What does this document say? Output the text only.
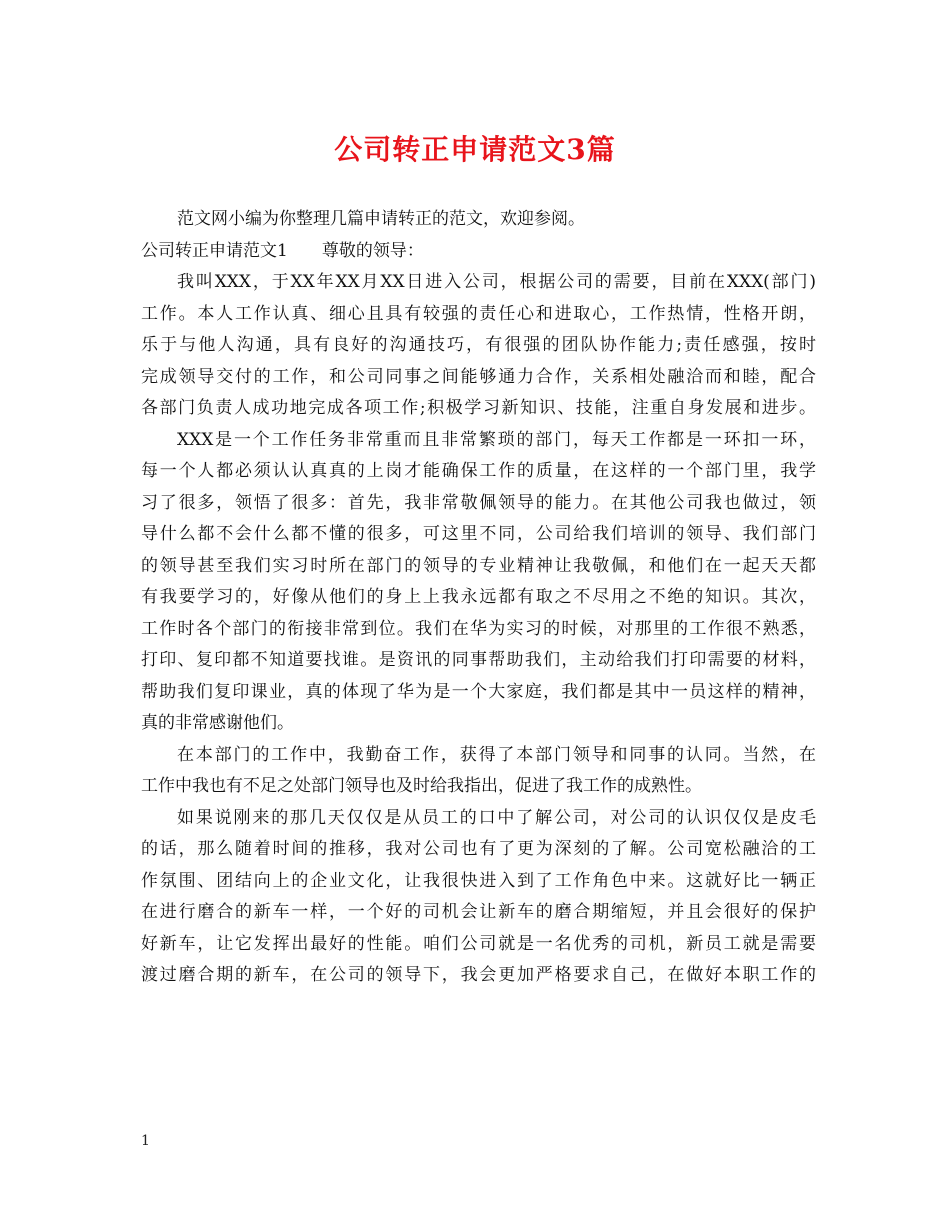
公司转正申请范文3篇
范文网小编为你整理几篇申请转正的范文，欢迎参阅。
公司转正申请范文1 尊敬的领导：
我叫XXX，于XX年XX月XX日进入公司，根据公司的需要，目前在XXX(部门)
工作。本人工作认真、细心且具有较强的责任心和进取心，工作热情，性格开朗，
乐于与他人沟通，具有良好的沟通技巧，有很强的团队协作能力;责任感强，按时
完成领导交付的工作，和公司同事之间能够通力合作，关系相处融洽而和睦，配合
各部门负责人成功地完成各项工作;积极学习新知识、技能，注重自身发展和进步。
XXX是一个工作任务非常重而且非常繁琐的部门，每天工作都是一环扣一环，
每一个人都必须认认真真的上岗才能确保工作的质量，在这样的一个部门里，我学
习了很多，领悟了很多：首先，我非常敬佩领导的能力。在其他公司我也做过，领
导什么都不会什么都不懂的很多，可这里不同，公司给我们培训的领导、我们部门
的领导甚至我们实习时所在部门的领导的专业精神让我敬佩，和他们在一起天天都
有我要学习的，好像从他们的身上上我永远都有取之不尽用之不绝的知识。其次，
工作时各个部门的衔接非常到位。我们在华为实习的时候，对那里的工作很不熟悉，
打印、复印都不知道要找谁。是资讯的同事帮助我们，主动给我们打印需要的材料，
帮助我们复印课业，真的体现了华为是一个大家庭，我们都是其中一员这样的精神，
真的非常感谢他们。
在本部门的工作中，我勤奋工作，获得了本部门领导和同事的认同。当然，在
工作中我也有不足之处部门领导也及时给我指出，促进了我工作的成熟性。
如果说刚来的那几天仅仅是从员工的口中了解公司，对公司的认识仅仅是皮毛
的话，那么随着时间的推移，我对公司也有了更为深刻的了解。公司宽松融洽的工
作氛围、团结向上的企业文化，让我很快进入到了工作角色中来。这就好比一辆正
在进行磨合的新车一样，一个好的司机会让新车的磨合期缩短，并且会很好的保护
好新车，让它发挥出最好的性能。咱们公司就是一名优秀的司机，新员工就是需要
渡过磨合期的新车，在公司的领导下，我会更加严格要求自己，在做好本职工作的
1
